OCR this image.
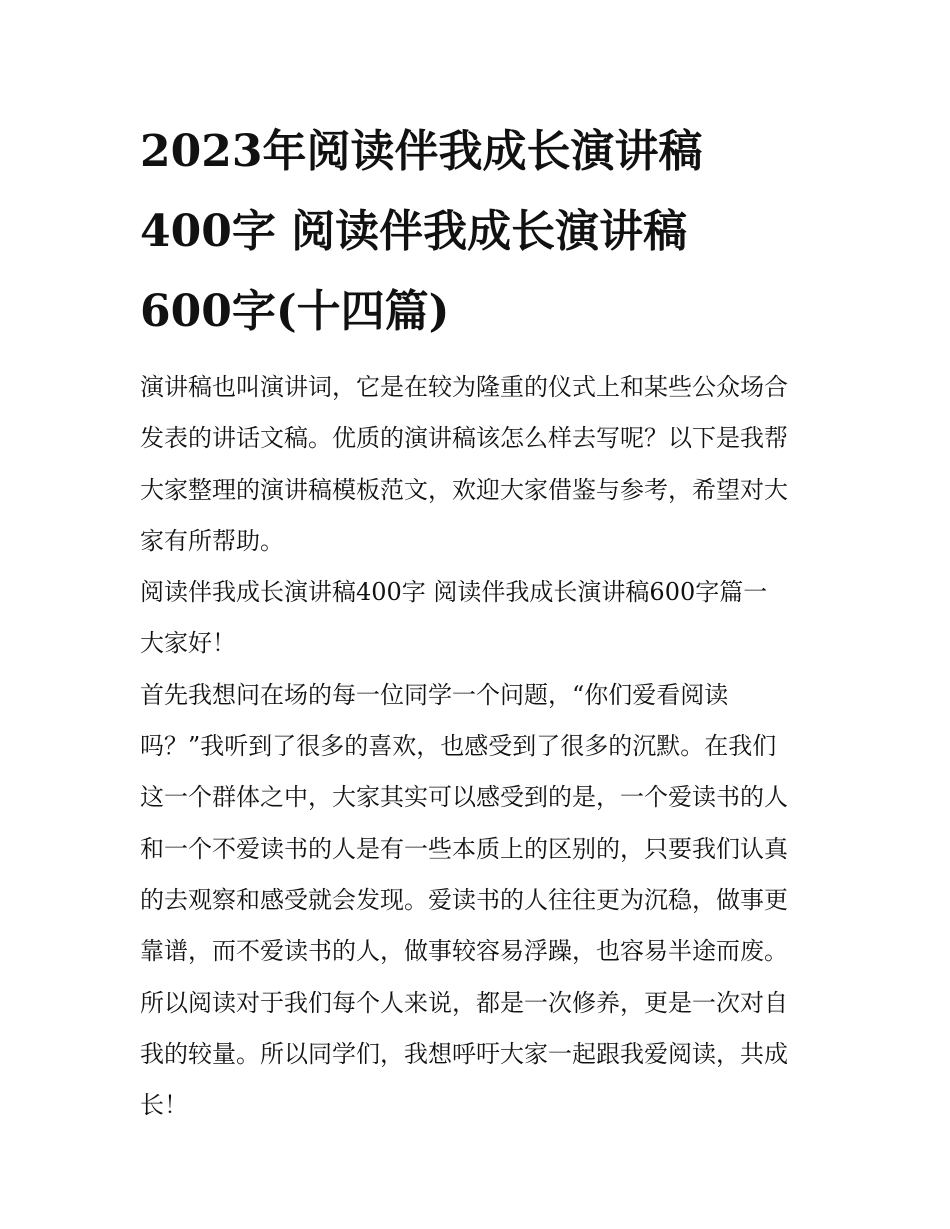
2023年阅读伴我成长演讲稿
400字 阅读伴我成长演讲稿
600字(十四篇)

演讲稿也叫演讲词，它是在较为隆重的仪式上和某些公众场合
发表的讲话文稿。优质的演讲稿该怎么样去写呢？以下是我帮
大家整理的演讲稿模板范文，欢迎大家借鉴与参考，希望对大
家有所帮助。

阅读伴我成长演讲稿400字 阅读伴我成长演讲稿600字篇一

大家好！

首先我想问在场的每一位同学一个问题，“你们爱看阅读
吗？”我听到了很多的喜欢，也感受到了很多的沉默。在我们
这一个群体之中，大家其实可以感受到的是，一个爱读书的人
和一个不爱读书的人是有一些本质上的区别的，只要我们认真
的去观察和感受就会发现。爱读书的人往往更为沉稳，做事更
靠谱，而不爱读书的人，做事较容易浮躁，也容易半途而废。
所以阅读对于我们每个人来说，都是一次修养，更是一次对自
我的较量。所以同学们，我想呼吁大家一起跟我爱阅读，共成
长！
